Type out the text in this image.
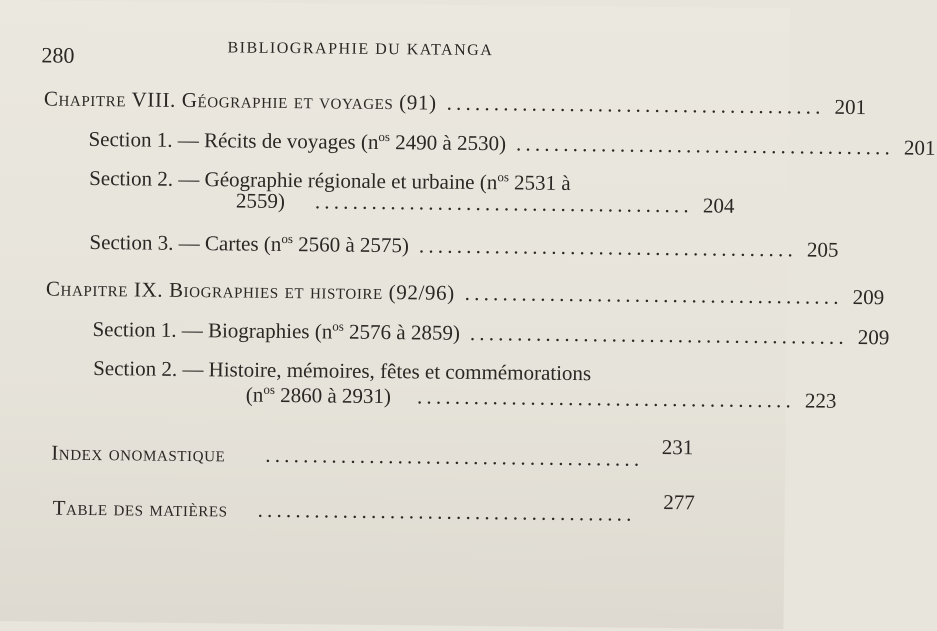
280	BIBLIOGRAPHIE DU KATANGA
Chapitre VIII. Géographie et voyages (91) ........................................ 201
Section 1. — Récits de voyages ($n^{os}$ 2490 à 2530) ........................................ 201
Section 2. — Géographie régionale et urbaine ($n^{os}$ 2531 à
2559) ........................................ 204
Section 3. — Cartes ($n^{os}$ 2560 à 2575) ........................................ 205
Chapitre IX. Biographies et histoire (92/96) ........................................ 209
Section 1. — Biographies ($n^{os}$ 2576 à 2859) ........................................ 209
Section 2. — Histoire, mémoires, fêtes et commémorations
($n^{os}$ 2860 à 2931) ........................................ 223
Index onomastique ........................................ 231
Table des matières ........................................	277
